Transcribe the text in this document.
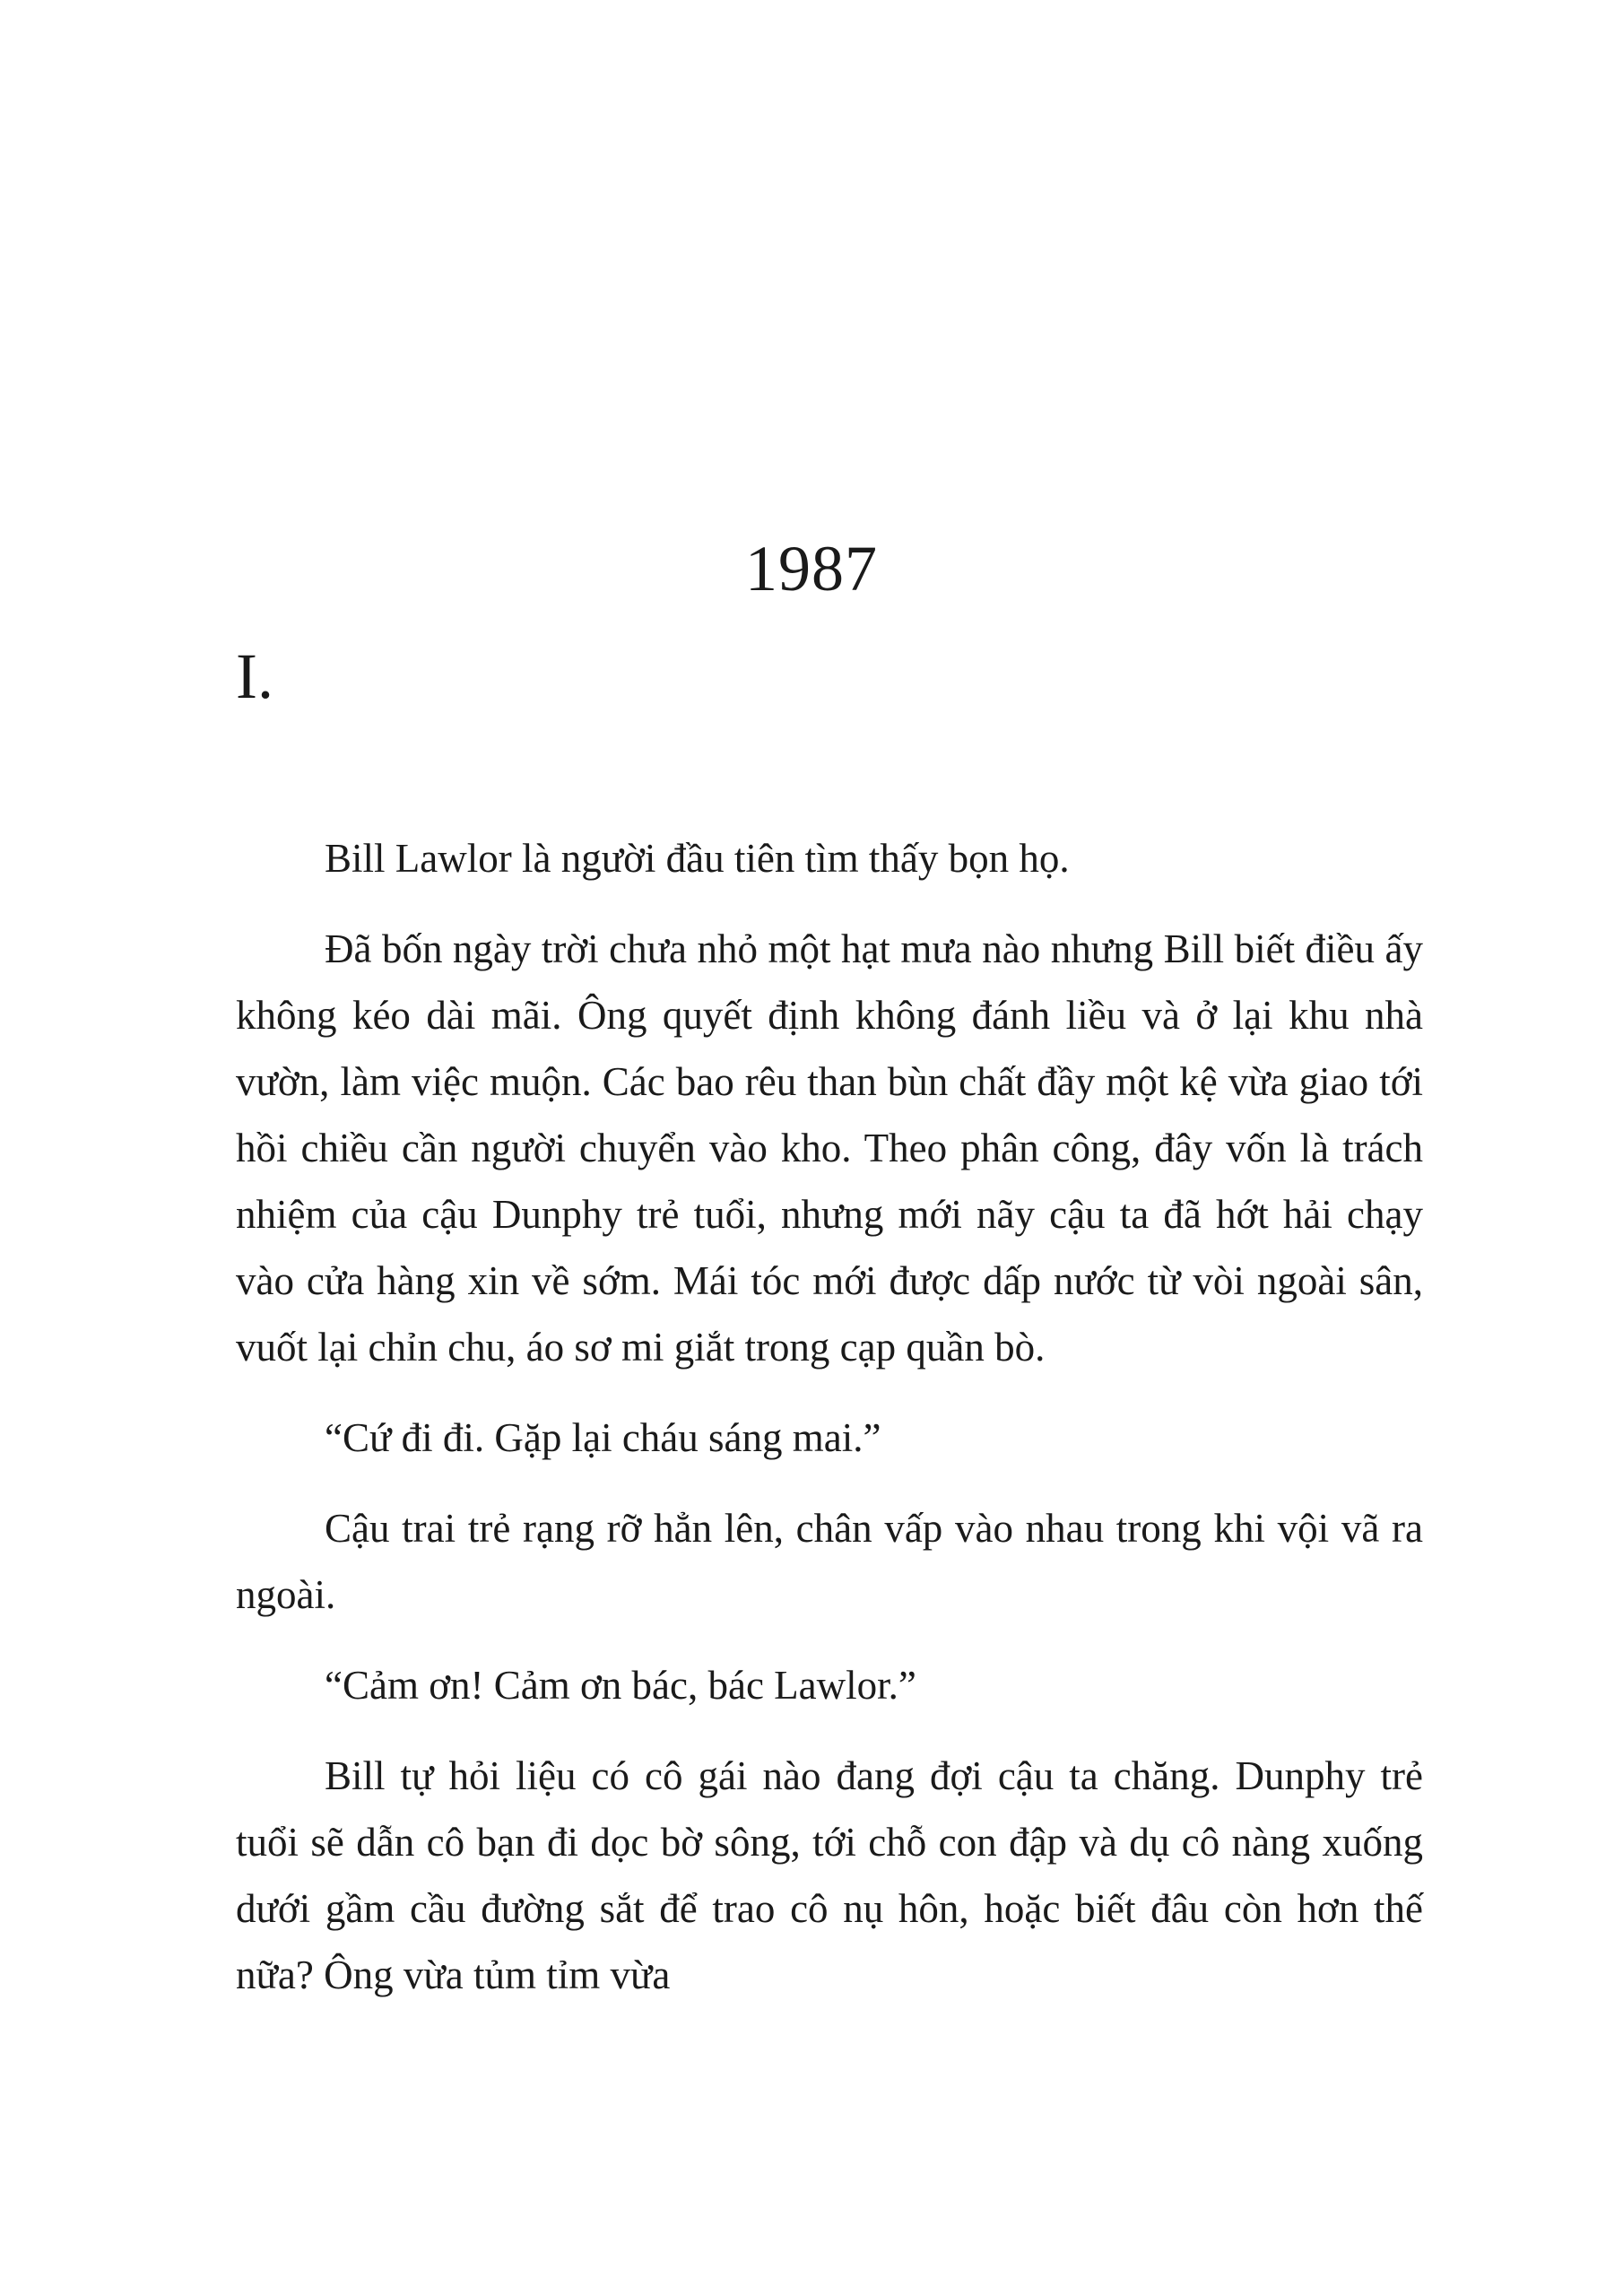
1987
I.

Bill Lawlor là người đầu tiên tìm thấy bọn họ.

Đã bốn ngày trời chưa nhỏ một hạt mưa nào nhưng Bill biết điều ấy không kéo dài mãi. Ông quyết định không đánh liều và ở lại khu nhà vườn, làm việc muộn. Các bao rêu than bùn chất đầy một kệ vừa giao tới hồi chiều cần người chuyển vào kho. Theo phân công, đây vốn là trách nhiệm của cậu Dunphy trẻ tuổi, nhưng mới nãy cậu ta đã hớt hải chạy vào cửa hàng xin về sớm. Mái tóc mới được dấp nước từ vòi ngoài sân, vuốt lại chỉn chu, áo sơ mi giắt trong cạp quần bò.

“Cứ đi đi. Gặp lại cháu sáng mai.”

Cậu trai trẻ rạng rỡ hẳn lên, chân vấp vào nhau trong khi vội vã ra ngoài.

“Cảm ơn! Cảm ơn bác, bác Lawlor.”

Bill tự hỏi liệu có cô gái nào đang đợi cậu ta chăng. Dunphy trẻ tuổi sẽ dẫn cô bạn đi dọc bờ sông, tới chỗ con đập và dụ cô nàng xuống dưới gầm cầu đường sắt để trao cô nụ hôn, hoặc biết đâu còn hơn thế nữa? Ông vừa tủm tỉm vừa
